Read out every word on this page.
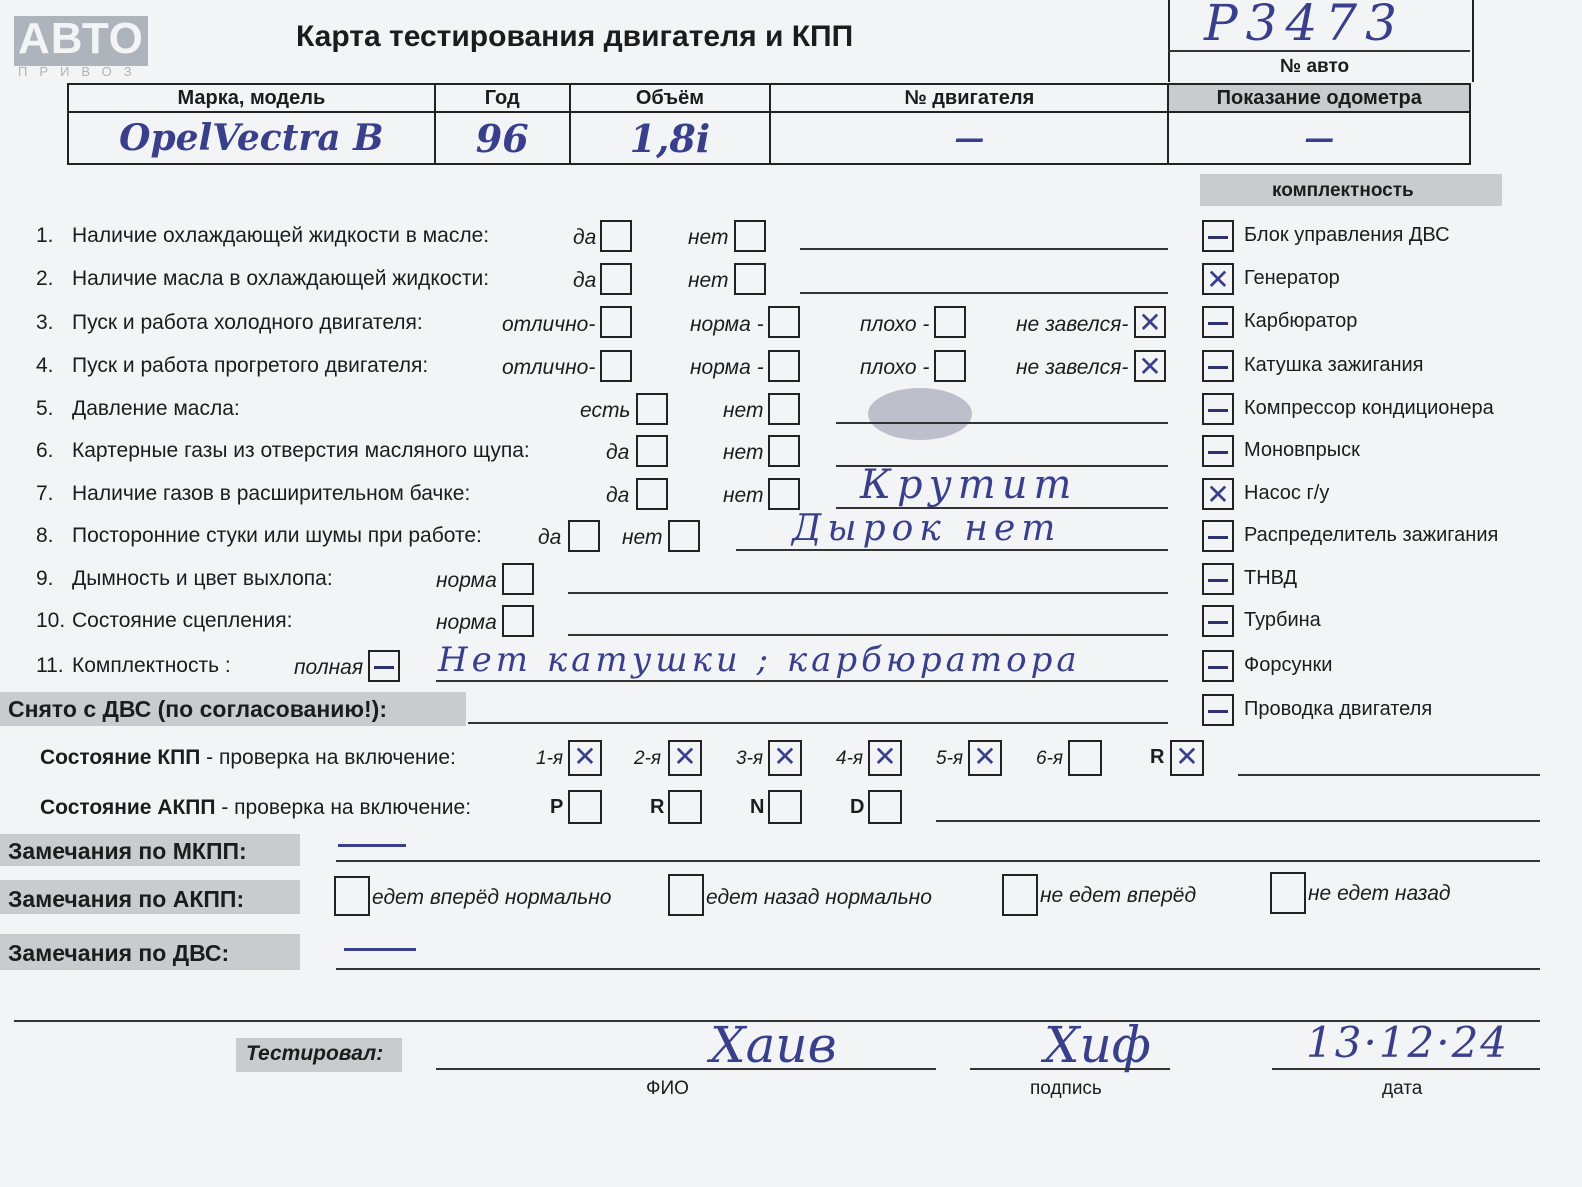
АВТО
ПРИВОЗ
Карта тестирования двигателя и КПП	P3473
№ авто
Марка, модель	Год	Объём	№ двигателя	Показание одометра
OpelVectra B	96	1,8i	—	—
комплектность
1. Наличие охлаждающей жидкости в масле:	да	нет
2. Наличие масла в охлаждающей жидкости:	да	нет
3. Пуск и работа холодного двигателя:	отлично-	норма -	плохо -	не завелся- ✕
4. Пуск и работа прогретого двигателя:	отлично-	норма -	плохо -	не завелся- ✕
5. Давление масла:	есть	нет
6. Картерные газы из отверстия масляного щупа:	да	нет
7. Наличие газов в расширительном бачке:	да	нет Крутит
8. Посторонние стуки или шумы при работе:	да	нет	Дырок нет
9. Дымность и цвет выхлопа:	норма
10. Состояние сцепления:	норма
11. Комплектность :	полная Нет катушки ; карбюратора
Блок управления ДВС
✕ Генератор
Карбюратор
Катушка зажигания
Компрессор кондиционера
Моновпрыск
✕ Насос г/у
Распределитель зажигания
ТНВД
Турбина
Форсунки
Проводка двигателя
Снято с ДВС (по согласованию!):
Состояние КПП - проверка на включение:	1-я ✕ 2-я ✕ 3-я ✕ 4-я ✕ 5-я ✕ 6-я	R ✕
Состояние АКПП - проверка на включение:	P	R	N	D
Замечания по МКПП:
Замечания по АКПП:	едет вперёд нормально	едет назад нормально	не едет вперёд	не едет назад
Замечания по ДВС:
Тестировал:	Хаив
ФИО
Хиф
подпись
13·12·24
дата
